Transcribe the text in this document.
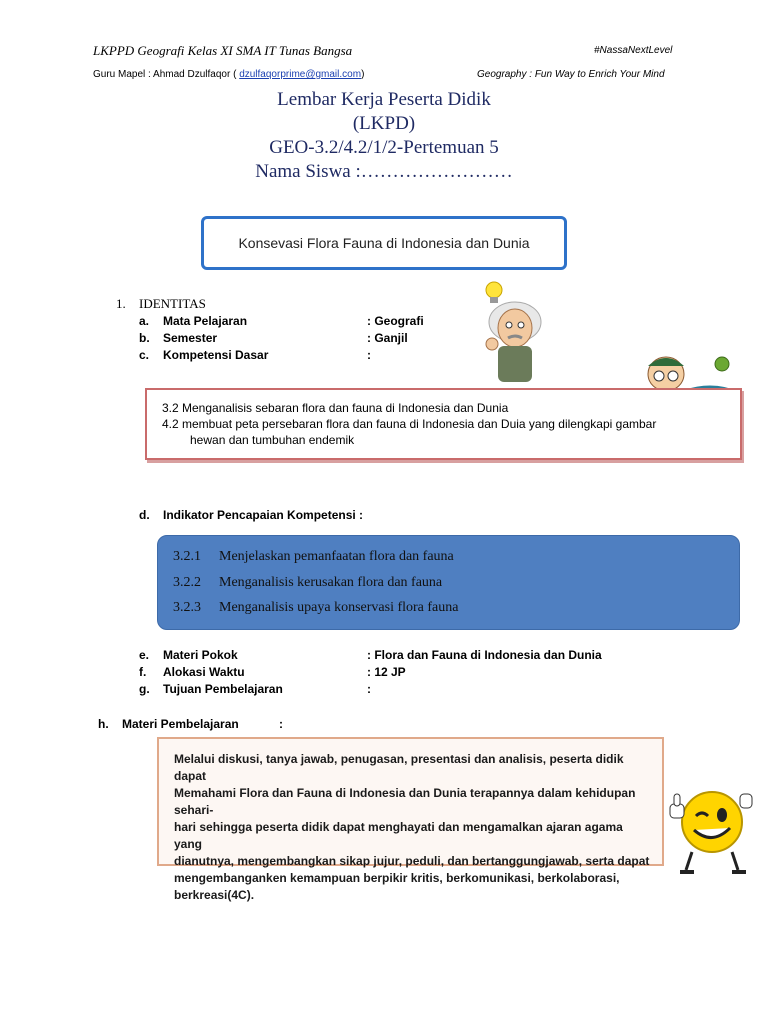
LKPPD Geografi Kelas XI SMA IT Tunas Bangsa	#NassaNextLevel
Guru Mapel : Ahmad Dzulfaqor ( dzulfaqorprime@gmail.com)	Geography : Fun Way to Enrich Your Mind
Lembar Kerja Peserta Didik
(LKPD)
GEO-3.2/4.2/1/2-Pertemuan 5
Nama Siswa :……………………
Konsevasi Flora Fauna di Indonesia dan Dunia
1. IDENTITAS
a. Mata Pelajaran	: Geografi
b. Semester	: Ganjil
c. Kompetensi Dasar	:
3.2 Menganalisis sebaran flora dan fauna di Indonesia dan Dunia
4.2 membuat peta persebaran flora dan fauna di Indonesia dan Duia yang dilengkapi gambar
hewan dan tumbuhan endemik
d. Indikator Pencapaian Kompetensi :
3.2.1 Menjelaskan pemanfaatan flora dan fauna
3.2.2 Menganalisis kerusakan flora dan fauna
3.2.3 Menganalisis upaya konservasi flora fauna
e. Materi Pokok	: Flora dan Fauna di Indonesia dan Dunia
f. Alokasi Waktu	: 12 JP
g. Tujuan Pembelajaran	:
h. Materi Pembelajaran	:
Melalui diskusi, tanya jawab, penugasan, presentasi dan analisis, peserta didik dapat
Memahami Flora dan Fauna di Indonesia dan Dunia terapannya dalam kehidupan sehari-
hari sehingga peserta didik dapat menghayati dan mengamalkan ajaran agama yang
dianutnya, mengembangkan sikap jujur, peduli, dan bertanggungjawab, serta dapat
mengembanganken kemampuan berpikir kritis, berkomunikasi, berkolaborasi,
berkreasi(4C).
